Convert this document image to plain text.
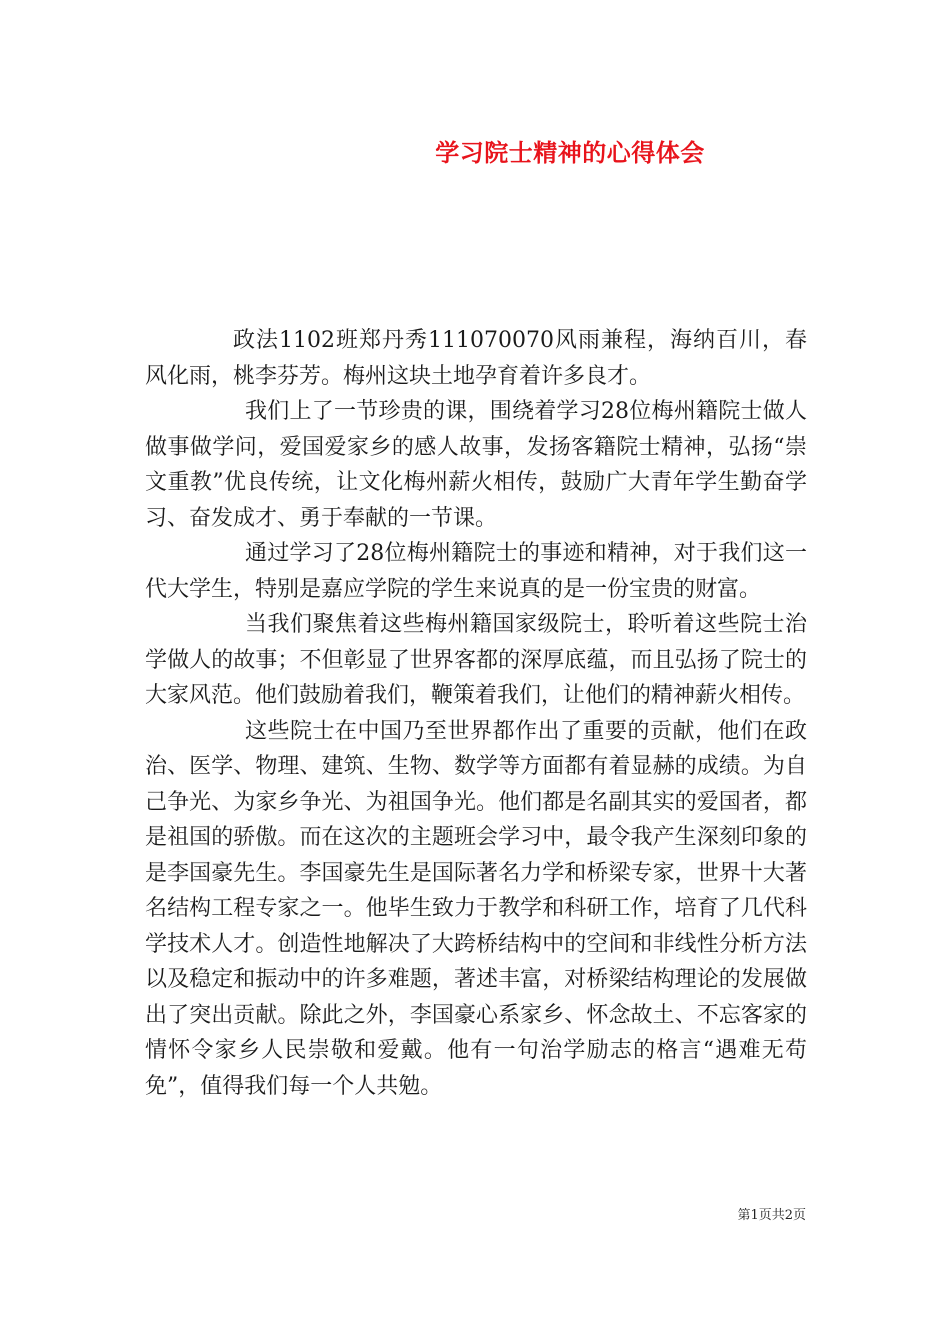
学习院士精神的心得体会

政法1102班郑丹秀111070070风雨兼程，海纳百川，春风化雨，桃李芬芳。梅州这块土地孕育着许多良才。

我们上了一节珍贵的课，围绕着学习28位梅州籍院士做人做事做学问，爱国爱家乡的感人故事，发扬客籍院士精神，弘扬“崇文重教”优良传统，让文化梅州薪火相传，鼓励广大青年学生勤奋学习、奋发成才、勇于奉献的一节课。

通过学习了28位梅州籍院士的事迹和精神，对于我们这一代大学生，特别是嘉应学院的学生来说真的是一份宝贵的财富。

当我们聚焦着这些梅州籍国家级院士，聆听着这些院士治学做人的故事；不但彰显了世界客都的深厚底蕴，而且弘扬了院士的大家风范。他们鼓励着我们，鞭策着我们，让他们的精神薪火相传。

这些院士在中国乃至世界都作出了重要的贡献，他们在政治、医学、物理、建筑、生物、数学等方面都有着显赫的成绩。为自己争光、为家乡争光、为祖国争光。他们都是名副其实的爱国者，都是祖国的骄傲。而在这次的主题班会学习中，最令我产生深刻印象的是李国豪先生。李国豪先生是国际著名力学和桥梁专家，世界十大著名结构工程专家之一。他毕生致力于教学和科研工作，培育了几代科学技术人才。创造性地解决了大跨桥结构中的空间和非线性分析方法以及稳定和振动中的许多难题，著述丰富，对桥梁结构理论的发展做出了突出贡献。除此之外，李国豪心系家乡、怀念故土、不忘客家的情怀令家乡人民崇敬和爱戴。他有一句治学励志的格言“遇难无苟免”，值得我们每一个人共勉。

第1页共2页
